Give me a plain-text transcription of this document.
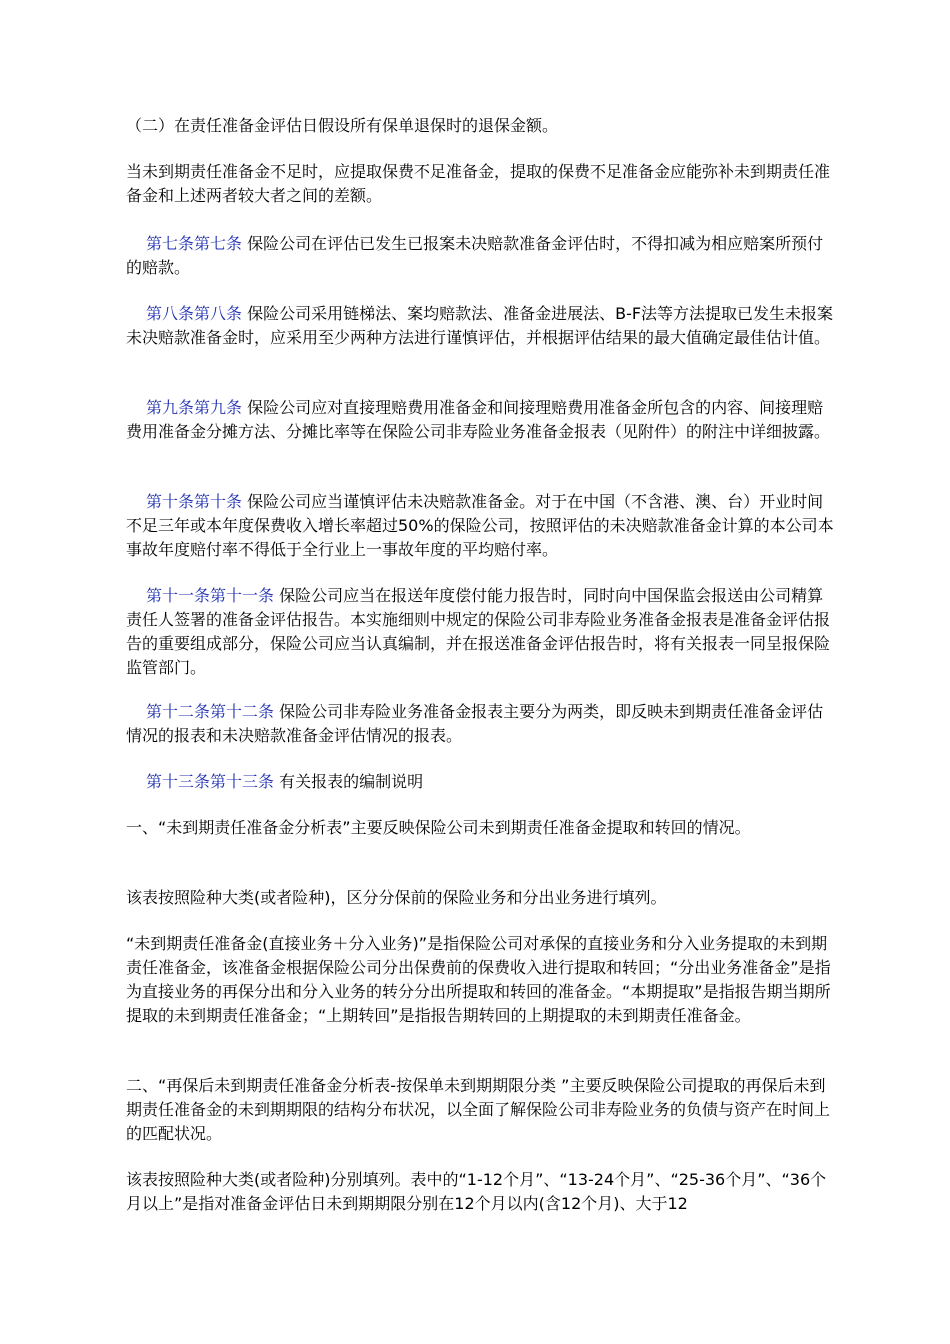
（二）在责任准备金评估日假设所有保单退保时的退保金额。

当未到期责任准备金不足时，应提取保费不足准备金，提取的保费不足准备金应能弥补未到期责任准备金和上述两者较大者之间的差额。

第七条第七条 保险公司在评估已发生已报案未决赔款准备金评估时，不得扣减为相应赔案所预付的赔款。

第八条第八条 保险公司采用链梯法、案均赔款法、准备金进展法、B-F法等方法提取已发生未报案未决赔款准备金时，应采用至少两种方法进行谨慎评估，并根据评估结果的最大值确定最佳估计值。

第九条第九条 保险公司应对直接理赔费用准备金和间接理赔费用准备金所包含的内容、间接理赔费用准备金分摊方法、分摊比率等在保险公司非寿险业务准备金报表（见附件）的附注中详细披露。

第十条第十条 保险公司应当谨慎评估未决赔款准备金。对于在中国（不含港、澳、台）开业时间不足三年或本年度保费收入增长率超过50%的保险公司，按照评估的未决赔款准备金计算的本公司本事故年度赔付率不得低于全行业上一事故年度的平均赔付率。

第十一条第十一条 保险公司应当在报送年度偿付能力报告时，同时向中国保监会报送由公司精算责任人签署的准备金评估报告。本实施细则中规定的保险公司非寿险业务准备金报表是准备金评估报告的重要组成部分，保险公司应当认真编制，并在报送准备金评估报告时，将有关报表一同呈报保险监管部门。

第十二条第十二条 保险公司非寿险业务准备金报表主要分为两类，即反映未到期责任准备金评估情况的报表和未决赔款准备金评估情况的报表。

第十三条第十三条 有关报表的编制说明

一、“未到期责任准备金分析表”主要反映保险公司未到期责任准备金提取和转回的情况。

该表按照险种大类(或者险种)，区分分保前的保险业务和分出业务进行填列。

“未到期责任准备金(直接业务＋分入业务)”是指保险公司对承保的直接业务和分入业务提取的未到期责任准备金，该准备金根据保险公司分出保费前的保费收入进行提取和转回；“分出业务准备金”是指为直接业务的再保分出和分入业务的转分分出所提取和转回的准备金。“本期提取”是指报告期当期所提取的未到期责任准备金；“上期转回”是指报告期转回的上期提取的未到期责任准备金。

二、“再保后未到期责任准备金分析表-按保单未到期期限分类 ”主要反映保险公司提取的再保后未到期责任准备金的未到期期限的结构分布状况，以全面了解保险公司非寿险业务的负债与资产在时间上的匹配状况。

该表按照险种大类(或者险种)分别填列。表中的“1-12个月”、“13-24个月”、“25-36个月”、“36个月以上”是指对准备金评估日未到期期限分别在12个月以内(含12个月)、大于12
